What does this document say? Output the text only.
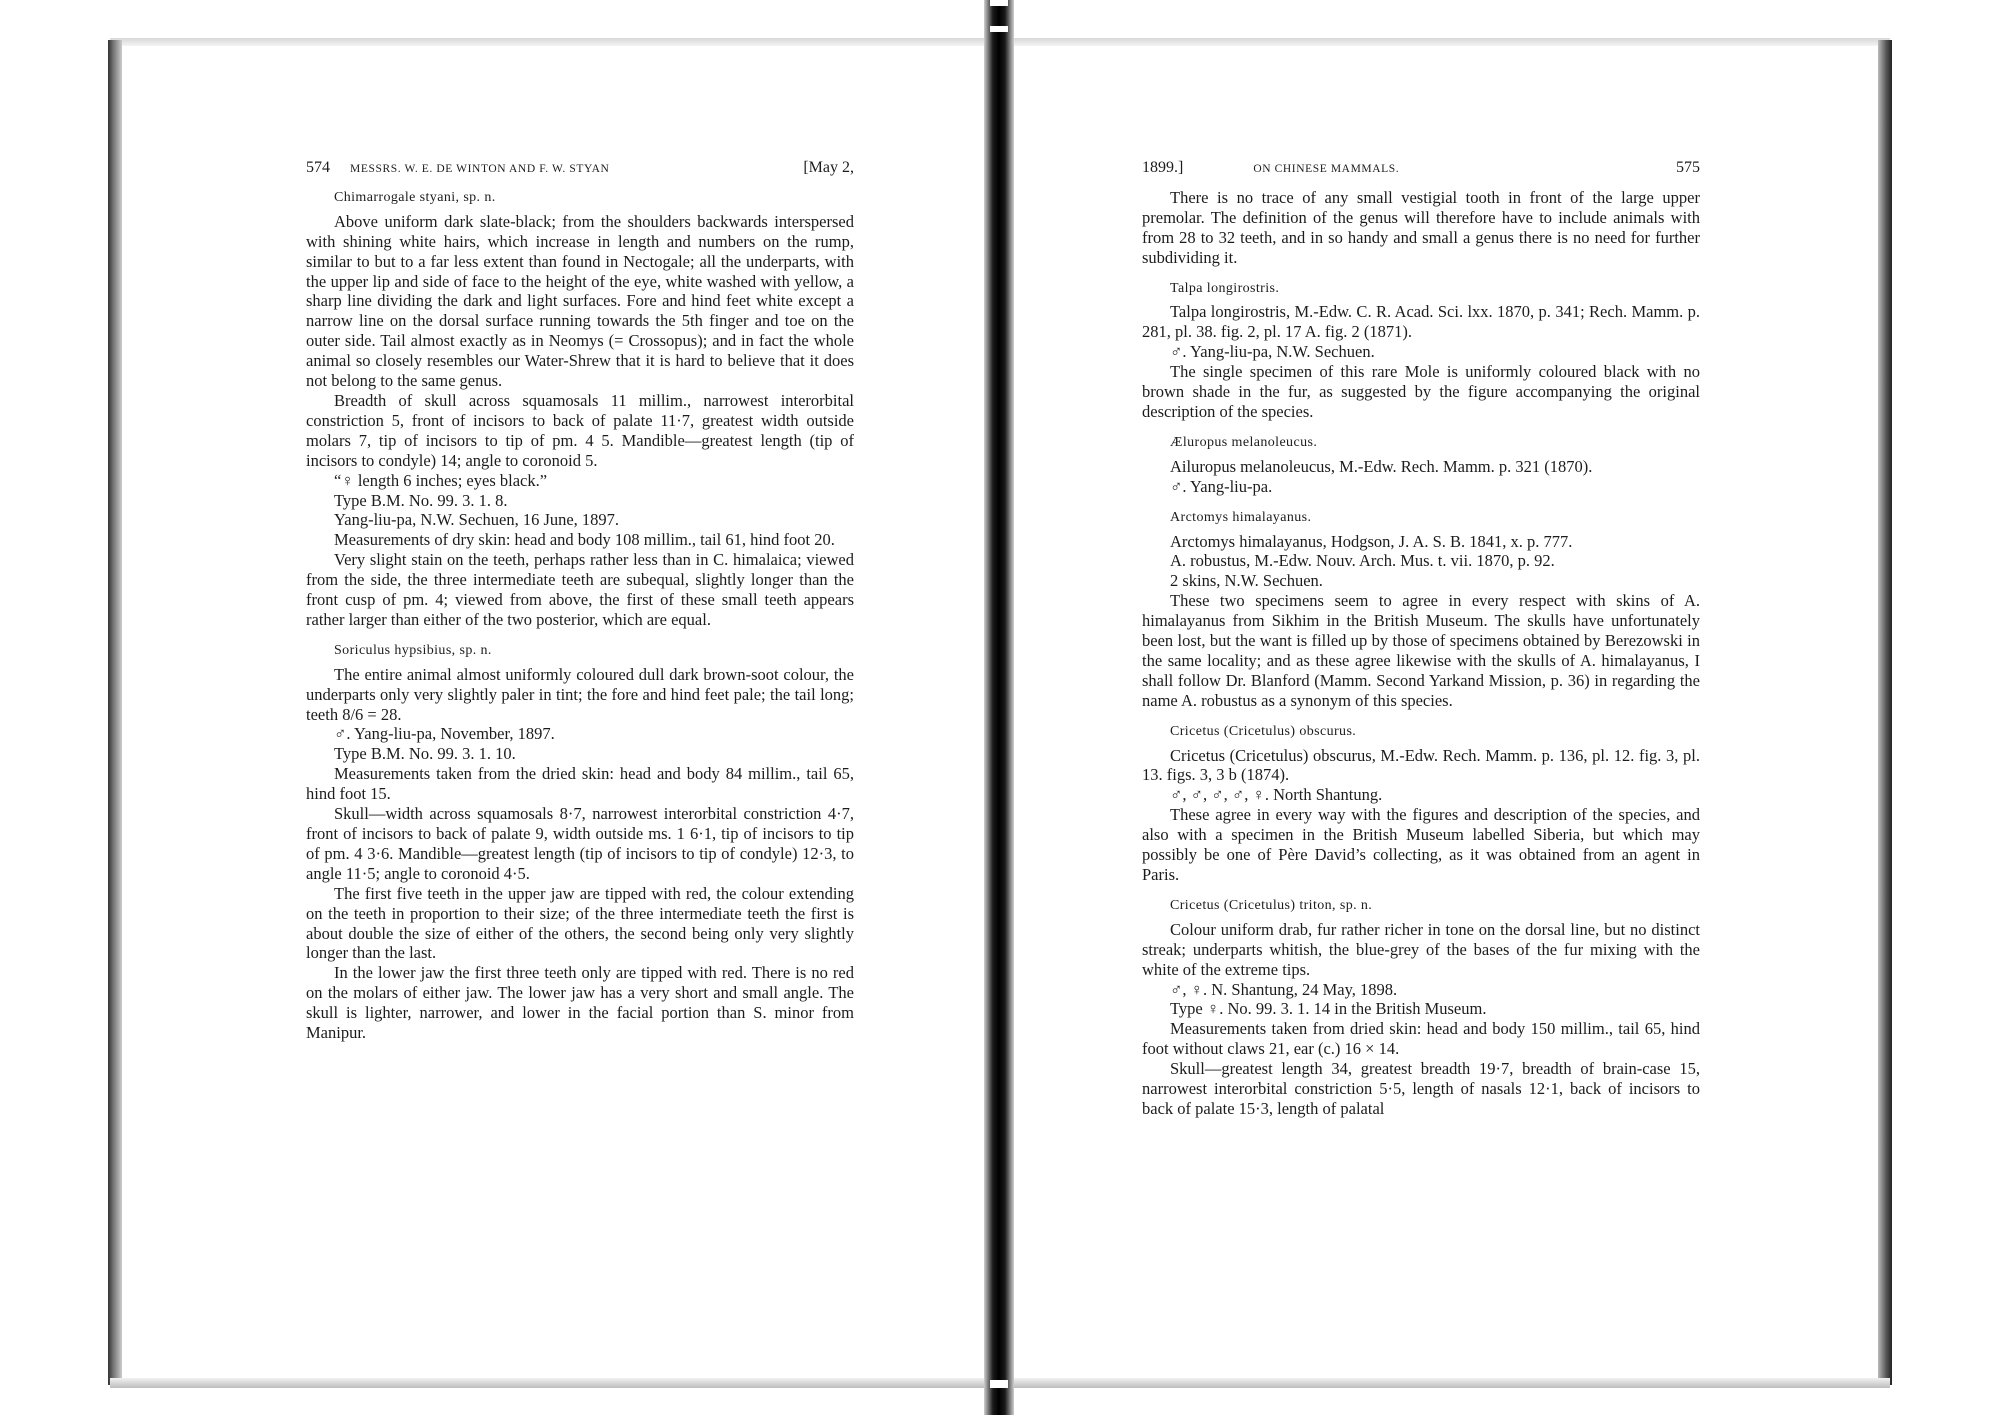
574 MESSRS. W. E. DE WINTON AND F. W. STYAN	[May 2,
Chimarrogale styani, sp. n.

Above uniform dark slate-black; from the shoulders backwards interspersed with shining white hairs, which increase in length and numbers on the rump, similar to but to a far less extent than found in Nectogale; all the underparts, with the upper lip and side of face to the height of the eye, white washed with yellow, a sharp line dividing the dark and light surfaces. Fore and hind feet white except a narrow line on the dorsal surface running towards the 5th finger and toe on the outer side. Tail almost exactly as in Neomys (= Crossopus); and in fact the whole animal so closely resembles our Water-Shrew that it is hard to believe that it does not belong to the same genus.

Breadth of skull across squamosals 11 millim., narrowest interorbital constriction 5, front of incisors to back of palate 11·7, greatest width outside molars 7, tip of incisors to tip of pm. 4 5. Mandible—greatest length (tip of incisors to condyle) 14; angle to coronoid 5.

“♀ length 6 inches; eyes black.”

Type B.M. No. 99. 3. 1. 8.

Yang-liu-pa, N.W. Sechuen, 16 June, 1897.

Measurements of dry skin: head and body 108 millim., tail 61, hind foot 20.

Very slight stain on the teeth, perhaps rather less than in C. himalaica; viewed from the side, the three intermediate teeth are subequal, slightly longer than the front cusp of pm. 4; viewed from above, the first of these small teeth appears rather larger than either of the two posterior, which are equal.

Soriculus hypsibius, sp. n.

The entire animal almost uniformly coloured dull dark brown-soot colour, the underparts only very slightly paler in tint; the fore and hind feet pale; the tail long; teeth 8/6 = 28.

♂. Yang-liu-pa, November, 1897.

Type B.M. No. 99. 3. 1. 10.

Measurements taken from the dried skin: head and body 84 millim., tail 65, hind foot 15.

Skull—width across squamosals 8·7, narrowest interorbital constriction 4·7, front of incisors to back of palate 9, width outside ms. 1 6·1, tip of incisors to tip of pm. 4 3·6. Mandible—greatest length (tip of incisors to tip of condyle) 12·3, to angle 11·5; angle to coronoid 4·5.

The first five teeth in the upper jaw are tipped with red, the colour extending on the teeth in proportion to their size; of the three intermediate teeth the first is about double the size of either of the others, the second being only very slightly longer than the last.

In the lower jaw the first three teeth only are tipped with red. There is no red on the molars of either jaw. The lower jaw has a very short and small angle. The skull is lighter, narrower, and lower in the facial portion than S. minor from Manipur.

1899.]	ON CHINESE MAMMALS.	575

There is no trace of any small vestigial tooth in front of the large upper premolar. The definition of the genus will therefore have to include animals with from 28 to 32 teeth, and in so handy and small a genus there is no need for further subdividing it.

Talpa longirostris.

Talpa longirostris, M.-Edw. C. R. Acad. Sci. lxx. 1870, p. 341; Rech. Mamm. p. 281, pl. 38. fig. 2, pl. 17 A. fig. 2 (1871).

♂. Yang-liu-pa, N.W. Sechuen.

The single specimen of this rare Mole is uniformly coloured black with no brown shade in the fur, as suggested by the figure accompanying the original description of the species.

Æluropus melanoleucus.

Ailuropus melanoleucus, M.-Edw. Rech. Mamm. p. 321 (1870).

♂. Yang-liu-pa.

Arctomys himalayanus.

Arctomys himalayanus, Hodgson, J. A. S. B. 1841, x. p. 777.

A. robustus, M.-Edw. Nouv. Arch. Mus. t. vii. 1870, p. 92.

2 skins, N.W. Sechuen.

These two specimens seem to agree in every respect with skins of A. himalayanus from Sikhim in the British Museum. The skulls have unfortunately been lost, but the want is filled up by those of specimens obtained by Berezowski in the same locality; and as these agree likewise with the skulls of A. himalayanus, I shall follow Dr. Blanford (Mamm. Second Yarkand Mission, p. 36) in regarding the name A. robustus as a synonym of this species.

Cricetus (Cricetulus) obscurus.

Cricetus (Cricetulus) obscurus, M.-Edw. Rech. Mamm. p. 136, pl. 12. fig. 3, pl. 13. figs. 3, 3 b (1874).

♂, ♂, ♂, ♂, ♀. North Shantung.

These agree in every way with the figures and description of the species, and also with a specimen in the British Museum labelled Siberia, but which may possibly be one of Père David’s collecting, as it was obtained from an agent in Paris.

Cricetus (Cricetulus) triton, sp. n.

Colour uniform drab, fur rather richer in tone on the dorsal line, but no distinct streak; underparts whitish, the blue-grey of the bases of the fur mixing with the white of the extreme tips.

♂, ♀. N. Shantung, 24 May, 1898.

Type ♀. No. 99. 3. 1. 14 in the British Museum.

Measurements taken from dried skin: head and body 150 millim., tail 65, hind foot without claws 21, ear (c.) 16 × 14.

Skull—greatest length 34, greatest breadth 19·7, breadth of brain-case 15, narrowest interorbital constriction 5·5, length of nasals 12·1, back of incisors to back of palate 15·3, length of palatal
